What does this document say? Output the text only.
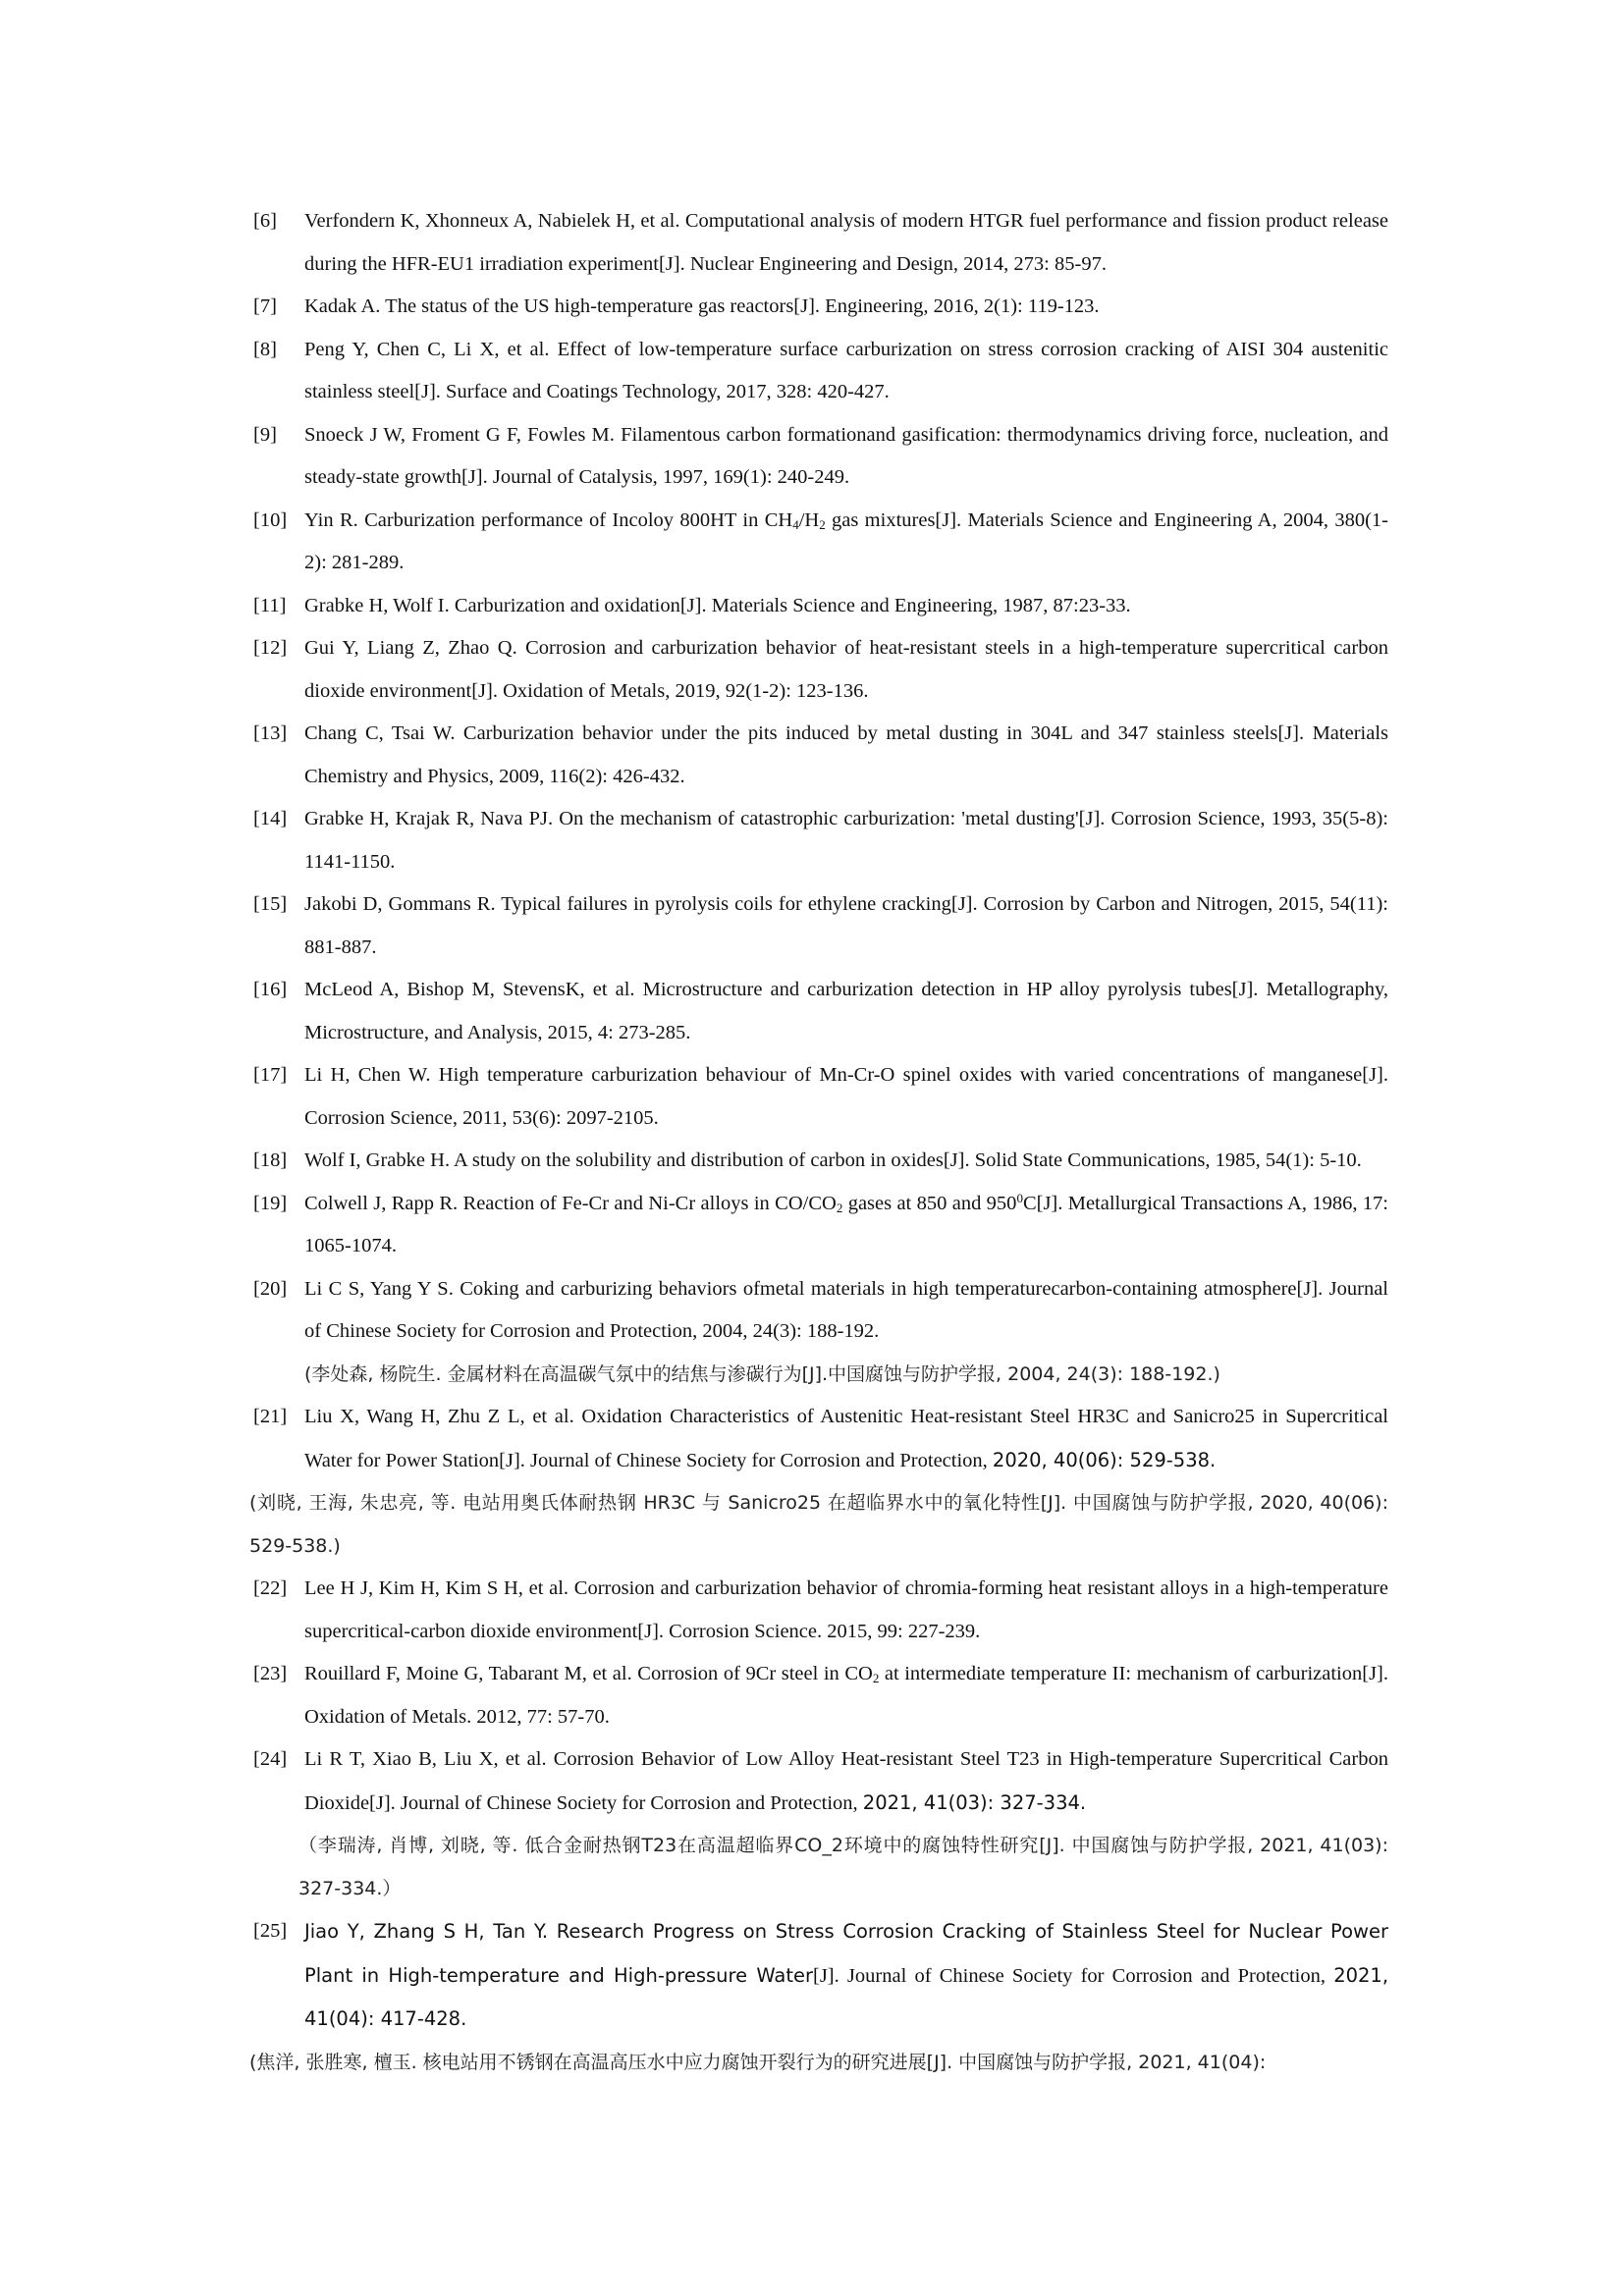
[6] Verfondern K, Xhonneux A, Nabielek H, et al. Computational analysis of modern HTGR fuel performance and fission product release during the HFR-EU1 irradiation experiment[J]. Nuclear Engineering and Design, 2014, 273: 85-97.
[7] Kadak A. The status of the US high-temperature gas reactors[J]. Engineering, 2016, 2(1): 119-123.
[8] Peng Y, Chen C, Li X, et al. Effect of low-temperature surface carburization on stress corrosion cracking of AISI 304 austenitic stainless steel[J]. Surface and Coatings Technology, 2017, 328: 420-427.
[9] Snoeck J W, Froment G F, Fowles M. Filamentous carbon formationand gasification: thermodynamics driving force, nucleation, and steady-state growth[J]. Journal of Catalysis, 1997, 169(1): 240-249.
[10] Yin R. Carburization performance of Incoloy 800HT in $CH_4/H_2$ gas mixtures[J]. Materials Science and Engineering A, 2004, 380(1-2): 281-289.
[11] Grabke H, Wolf I. Carburization and oxidation[J]. Materials Science and Engineering, 1987, 87:23-33.
[12] Gui Y, Liang Z, Zhao Q. Corrosion and carburization behavior of heat-resistant steels in a high-temperature supercritical carbon dioxide environment[J]. Oxidation of Metals, 2019, 92(1-2): 123-136.
[13] Chang C, Tsai W. Carburization behavior under the pits induced by metal dusting in 304L and 347 stainless steels[J]. Materials Chemistry and Physics, 2009, 116(2): 426-432.
[14] Grabke H, Krajak R, Nava PJ. On the mechanism of catastrophic carburization: 'metal dusting'[J]. Corrosion Science, 1993, 35(5-8): 1141-1150.
[15] Jakobi D, Gommans R. Typical failures in pyrolysis coils for ethylene cracking[J]. Corrosion by Carbon and Nitrogen, 2015, 54(11): 881-887.
[16] McLeod A, Bishop M, StevensK, et al. Microstructure and carburization detection in HP alloy pyrolysis tubes[J]. Metallography, Microstructure, and Analysis, 2015, 4: 273-285.
[17] Li H, Chen W. High temperature carburization behaviour of Mn-Cr-O spinel oxides with varied concentrations of manganese[J]. Corrosion Science, 2011, 53(6): 2097-2105.
[18] Wolf I, Grabke H. A study on the solubility and distribution of carbon in oxides[J]. Solid State Communications, 1985, 54(1): 5-10.
[19] Colwell J, Rapp R. Reaction of Fe-Cr and Ni-Cr alloys in $CO/CO_2$ gases at 850 and $950^0C[J]$. Metallurgical Transactions A, 1986, 17: 1065-1074.
[20] Li C S, Yang Y S. Coking and carburizing behaviors ofmetal materials in high temperaturecarbon-containing atmosphere[J]. Journal of Chinese Society for Corrosion and Protection, 2004, 24(3): 188-192.
(李处森, 杨院生. 金属材料在高温碳气氛中的结焦与渗碳行为[J].中国腐蚀与防护学报, 2004, 24(3): 188-192.)
[21] Liu X, Wang H, Zhu Z L, et al. Oxidation Characteristics of Austenitic Heat-resistant Steel HR3C and Sanicro25 in Supercritical Water for Power Station[J]. Journal of Chinese Society for Corrosion and Protection, 2020, 40(06): 529-538.
(刘晓, 王海, 朱忠亮, 等. 电站用奥氏体耐热钢 HR3C 与 Sanicro25 在超临界水中的氧化特性[J]. 中国腐蚀与防护学报, 2020, 40(06): 529-538.)
[22] Lee H J, Kim H, Kim S H, et al. Corrosion and carburization behavior of chromia-forming heat resistant alloys in a high-temperature supercritical-carbon dioxide environment[J]. Corrosion Science. 2015, 99: 227-239.
[23] Rouillard F, Moine G, Tabarant M, et al. Corrosion of 9Cr steel in $CO_2$ at intermediate temperature II: mechanism of carburization[J]. Oxidation of Metals. 2012, 77: 57-70.
[24] Li R T, Xiao B, Liu X, et al. Corrosion Behavior of Low Alloy Heat-resistant Steel T23 in High-temperature Supercritical Carbon Dioxide[J]. Journal of Chinese Society for Corrosion and Protection, 2021, 41(03): 327-334.
（李瑞涛, 肖博, 刘晓, 等. 低合金耐热钢T23在高温超临界CO_2环境中的腐蚀特性研究[J]. 中国腐蚀与防护学报, 2021, 41(03): 327-334.）
[25] Jiao Y, Zhang S H, Tan Y. Research Progress on Stress Corrosion Cracking of Stainless Steel for Nuclear Power Plant in High-temperature and High-pressure Water[J]. Journal of Chinese Society for Corrosion and Protection, 2021, 41(04): 417-428.
(焦洋, 张胜寒, 檀玉. 核电站用不锈钢在高温高压水中应力腐蚀开裂行为的研究进展[J]. 中国腐蚀与防护学报, 2021, 41(04):
